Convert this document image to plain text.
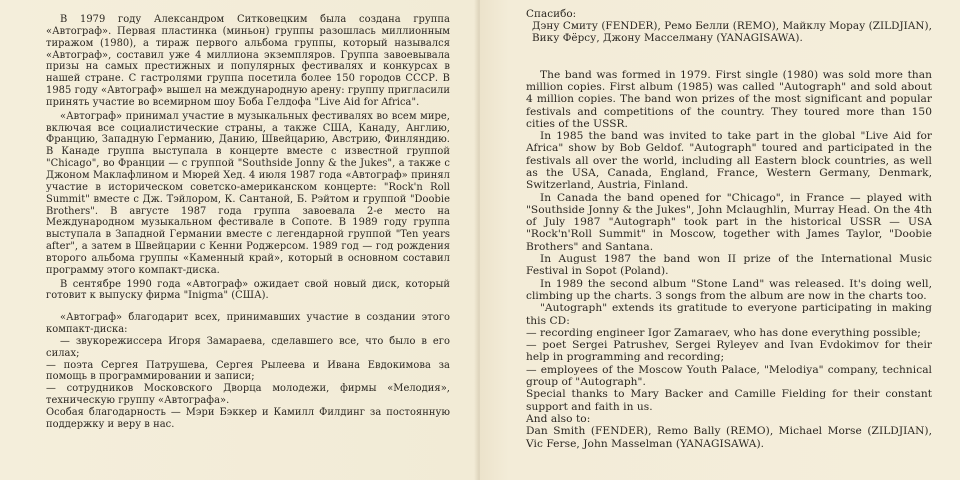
В 1979 году Александром Ситковецким была создана группа «Автограф». Первая пластинка (миньон) группы разошлась миллионным тиражом (1980), а тираж первого альбома группы, который назывался «Автограф», составил уже 4 миллиона экземпляров. Группа завоевывала призы на самых престижных и популярных фестивалях и конкурсах в нашей стране. С гастролями группа посетила более 150 городов СССР. В 1985 году «Автограф» вышел на международную арену: группу пригласили принять участие во всемирном шоу Боба Гелдофа "Live Aid for Africa".

«Автограф» принимал участие в музыкальных фестивалях во всем мире, включая все социалистические страны, а также США, Канаду, Англию, Францию, Западную Германию, Данию, Швейцарию, Австрию, Финляндию. В Канаде группа выступала в концерте вместе с известной группой "Chicago", во Франции — с группой "Southside Jonny & the Jukes", а также с Джоном Маклафлином и Мюрей Хед. 4 июля 1987 года «Автограф» принял участие в историческом советско-американском концерте: "Rock'n Roll Summit" вместе с Дж. Тэйлором, К. Сантаной, Б. Рэйтом и группой "Doobie Brothers". В августе 1987 года группа завоевала 2-е место на Международном музыкальном фестивале в Сопоте. В 1989 году группа выступала в Западной Германии вместе с легендарной группой "Ten years after", а затем в Швейцарии с Кенни Роджерсом. 1989 год — год рождения второго альбома группы «Каменный край», который в основном составил программу этого компакт-диска.

В сентябре 1990 года «Автограф» ожидает свой новый диск, который готовит к выпуску фирма "Inigma" (США).

«Автограф» благодарит всех, принимавших участие в создании этого компакт-диска:

— звукорежиссера Игоря Замараева, сделавшего все, что было в его силах;

— поэта Сергея Патрушева, Сергея Рылеева и Ивана Евдокимова за помощь в программировании и записи;

— сотрудников Московского Дворца молодежи, фирмы «Мелодия», техническую группу «Автографа».

Особая благодарность — Мэри Бэккер и Камилл Филдинг за постоянную поддержку и веру в нас.

Спасибо:

Дэну Смиту (FENDER), Ремо Белли (REMO), Майклу Морау (ZILDJIAN), Вику Фёрсу, Джону Масселману (YANAGISAWA).

The band was formed in 1979. First single (1980) was sold more than million copies. First album (1985) was called "Autograph" and sold about 4 million copies. The band won prizes of the most significant and popular festivals and competitions of the country. They toured more than 150 cities of the USSR.

In 1985 the band was invited to take part in the global "Live Aid for Africa" show by Bob Geldof. "Autograph" toured and participated in the festivals all over the world, including all Eastern block countries, as well as the USA, Canada, England, France, Western Germany, Denmark, Switzerland, Austria, Finland.

In Canada the band opened for "Chicago", in France — played with "Southside Jonny & the Jukes", John Mclaughlin, Murray Head. On the 4th of July 1987 "Autograph" took part in the historical USSR — USA "Rock'n'Roll Summit" in Moscow, together with James Taylor, "Doobie Brothers" and Santana.

In August 1987 the band won II prize of the International Music Festival in Sopot (Poland).

In 1989 the second album "Stone Land" was released. It's doing well, climbing up the charts. 3 songs from the album are now in the charts too.

"Autograph" extends its gratitude to everyone participating in making this CD:

— recording engineer Igor Zamaraev, who has done everything possible;

— poet Sergei Patrushev, Sergei Ryleyev and Ivan Evdokimov for their help in programming and recording;

— employees of the Moscow Youth Palace, "Melodiya" company, technical group of "Autograph".

Special thanks to Mary Backer and Camille Fielding for their constant support and faith in us.

And also to:

Dan Smith (FENDER), Remo Bally (REMO), Michael Morse (ZILDJIAN), Vic Ferse, John Masselman (YANAGISAWA).
